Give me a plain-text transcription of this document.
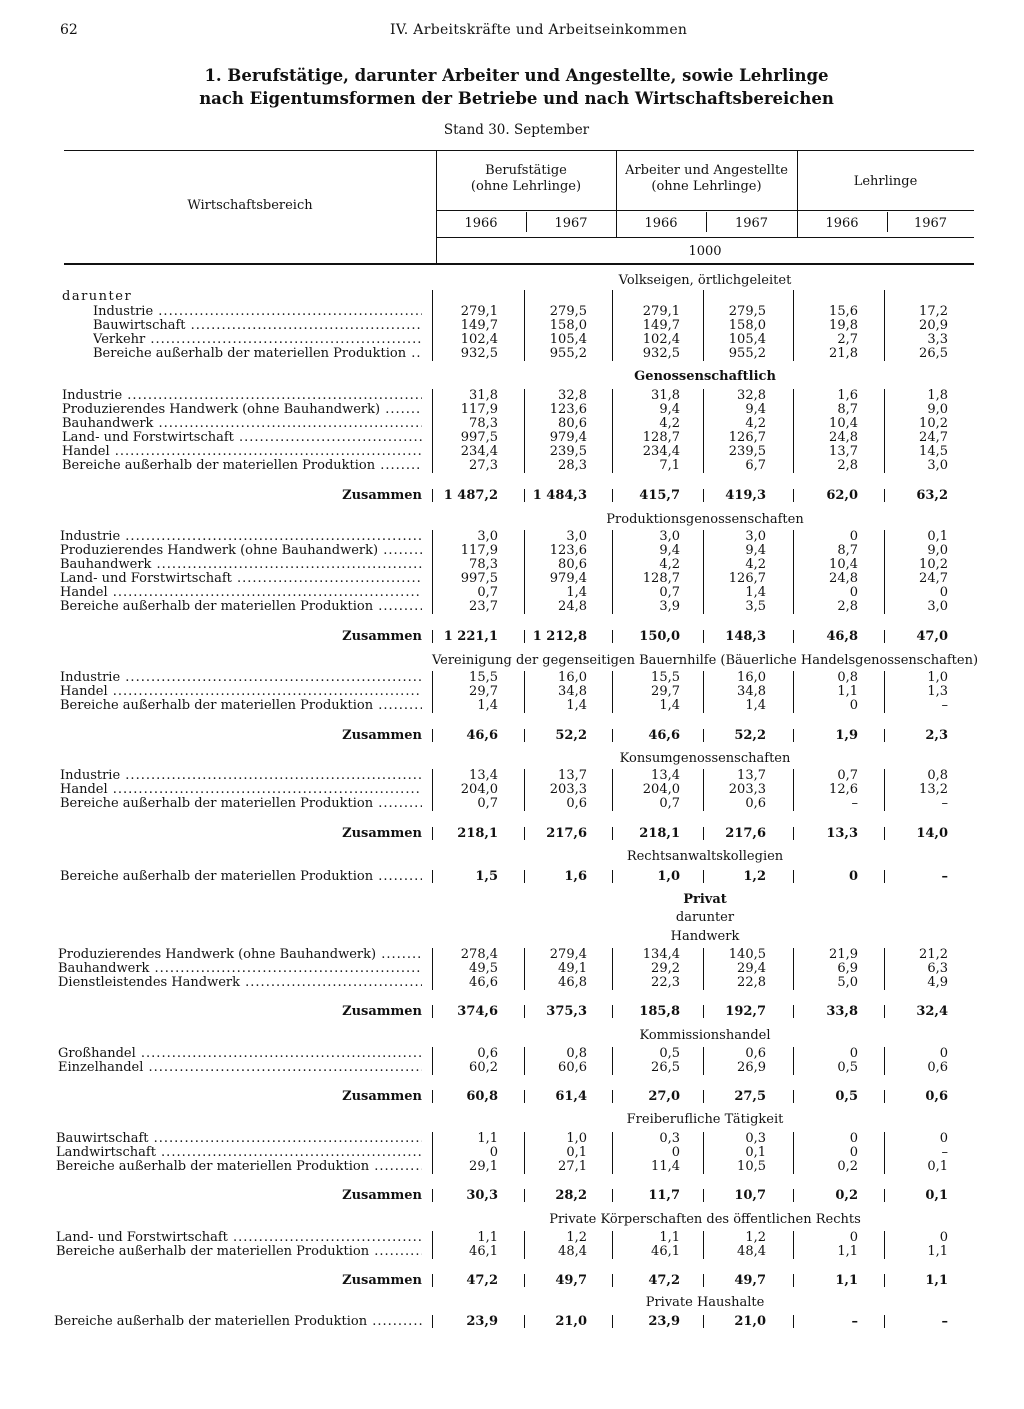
62	IV. Arbeitskräfte und Arbeitseinkommen
1. Berufstätige, darunter Arbeiter und Angestellte, sowie Lehrlinge
nach Eigentumsformen der Betriebe und nach Wirtschaftsbereichen
Stand 30. September
Wirtschaftsbereich
Berufstätige
(ohne Lehrlinge)
Arbeiter und Angestellte
(ohne Lehrlinge)	Lehrlinge
1966	1967	1966	1967	1966	1967
1000
Volkseigen, örtlichgeleitet
darunter
Industrie .....	279,1	279,5	279,1	279,5	15,6	17,2
Bauwirtschaft .....	149,7	158,0	149,7	158,0	19,8	20,9
Verkehr .....	102,4	105,4	102,4	105,4	2,7	3,3
Bereiche außerhalb der materiellen Produktion .....	932,5	955,2	932,5	955,2	21,8	26,5
Genossenschaftlich
Industrie .....	31,8	32,8	31,8	32,8	1,6	1,8
Produzierendes Handwerk (ohne Bauhandwerk) .....	117,9	123,6	9,4	9,4	8,7	9,0
Bauhandwerk .....	78,3	80,6	4,2	4,2	10,4	10,2
Land- und Forstwirtschaft .....	997,5	979,4	128,7	126,7	24,8	24,7
Handel .....	234,4	239,5	234,4	239,5	13,7	14,5
Bereiche außerhalb der materiellen Produktion .....	27,3	28,3	7,1	6,7	2,8	3,0
Zusammen	1 487,2	1 484,3	415,7	419,3	62,0	63,2
Produktionsgenossenschaften
Industrie .....	3,0	3,0	3,0	3,0	0	0,1
Produzierendes Handwerk (ohne Bauhandwerk) .....	117,9	123,6	9,4	9,4	8,7	9,0
Bauhandwerk .....	78,3	80,6	4,2	4,2	10,4	10,2
Land- und Forstwirtschaft .....	997,5	979,4	128,7	126,7	24,8	24,7
Handel .....	0,7	1,4	0,7	1,4	0	0
Bereiche außerhalb der materiellen Produktion .....	23,7	24,8	3,9	3,5	2,8	3,0
Zusammen	1 221,1	1 212,8	150,0	148,3	46,8	47,0
Vereinigung der gegenseitigen Bauernhilfe (Bäuerliche Handelsgenossenschaften)
Industrie .....	15,5	16,0	15,5	16,0	0,8	1,0
Handel .....	29,7	34,8	29,7	34,8	1,1	1,3
Bereiche außerhalb der materiellen Produktion .....	1,4	1,4	1,4	1,4	0	–
Zusammen	46,6	52,2	46,6	52,2	1,9	2,3
Konsumgenossenschaften
Industrie .....	13,4	13,7	13,4	13,7	0,7	0,8
Handel .....	204,0	203,3	204,0	203,3	12,6	13,2
Bereiche außerhalb der materiellen Produktion .....	0,7	0,6	0,7	0,6	–	–
Zusammen	218,1	217,6	218,1	217,6	13,3	14,0
Rechtsanwaltskollegien
Bereiche außerhalb der materiellen Produktion .....	1,5	1,6	1,0	1,2	0	–
Privat
darunter
Handwerk
Produzierendes Handwerk (ohne Bauhandwerk) .....	278,4	279,4	134,4	140,5	21,9	21,2
Bauhandwerk .....	49,5	49,1	29,2	29,4	6,9	6,3
Dienstleistendes Handwerk .....	46,6	46,8	22,3	22,8	5,0	4,9
Zusammen	374,6	375,3	185,8	192,7	33,8	32,4
Kommissionshandel
Großhandel .....	0,6	0,8	0,5	0,6	0	0
Einzelhandel .....	60,2	60,6	26,5	26,9	0,5	0,6
Zusammen	60,8	61,4	27,0	27,5	0,5	0,6
Freiberufliche Tätigkeit
Bauwirtschaft .....	1,1	1,0	0,3	0,3	0	0
Landwirtschaft .....	0	0,1	0	0,1	0	–
Bereiche außerhalb der materiellen Produktion .....	29,1	27,1	11,4	10,5	0,2	0,1
Zusammen	30,3	28,2	11,7	10,7	0,2	0,1
Private Körperschaften des öffentlichen Rechts
Land- und Forstwirtschaft .....	1,1	1,2	1,1	1,2	0	0
Bereiche außerhalb der materiellen Produktion .....	46,1	48,4	46,1	48,4	1,1	1,1
Zusammen	47,2	49,7	47,2	49,7	1,1	1,1
Private Haushalte
Bereiche außerhalb der materiellen Produktion .....	23,9	21,0	23,9	21,0	–	–
